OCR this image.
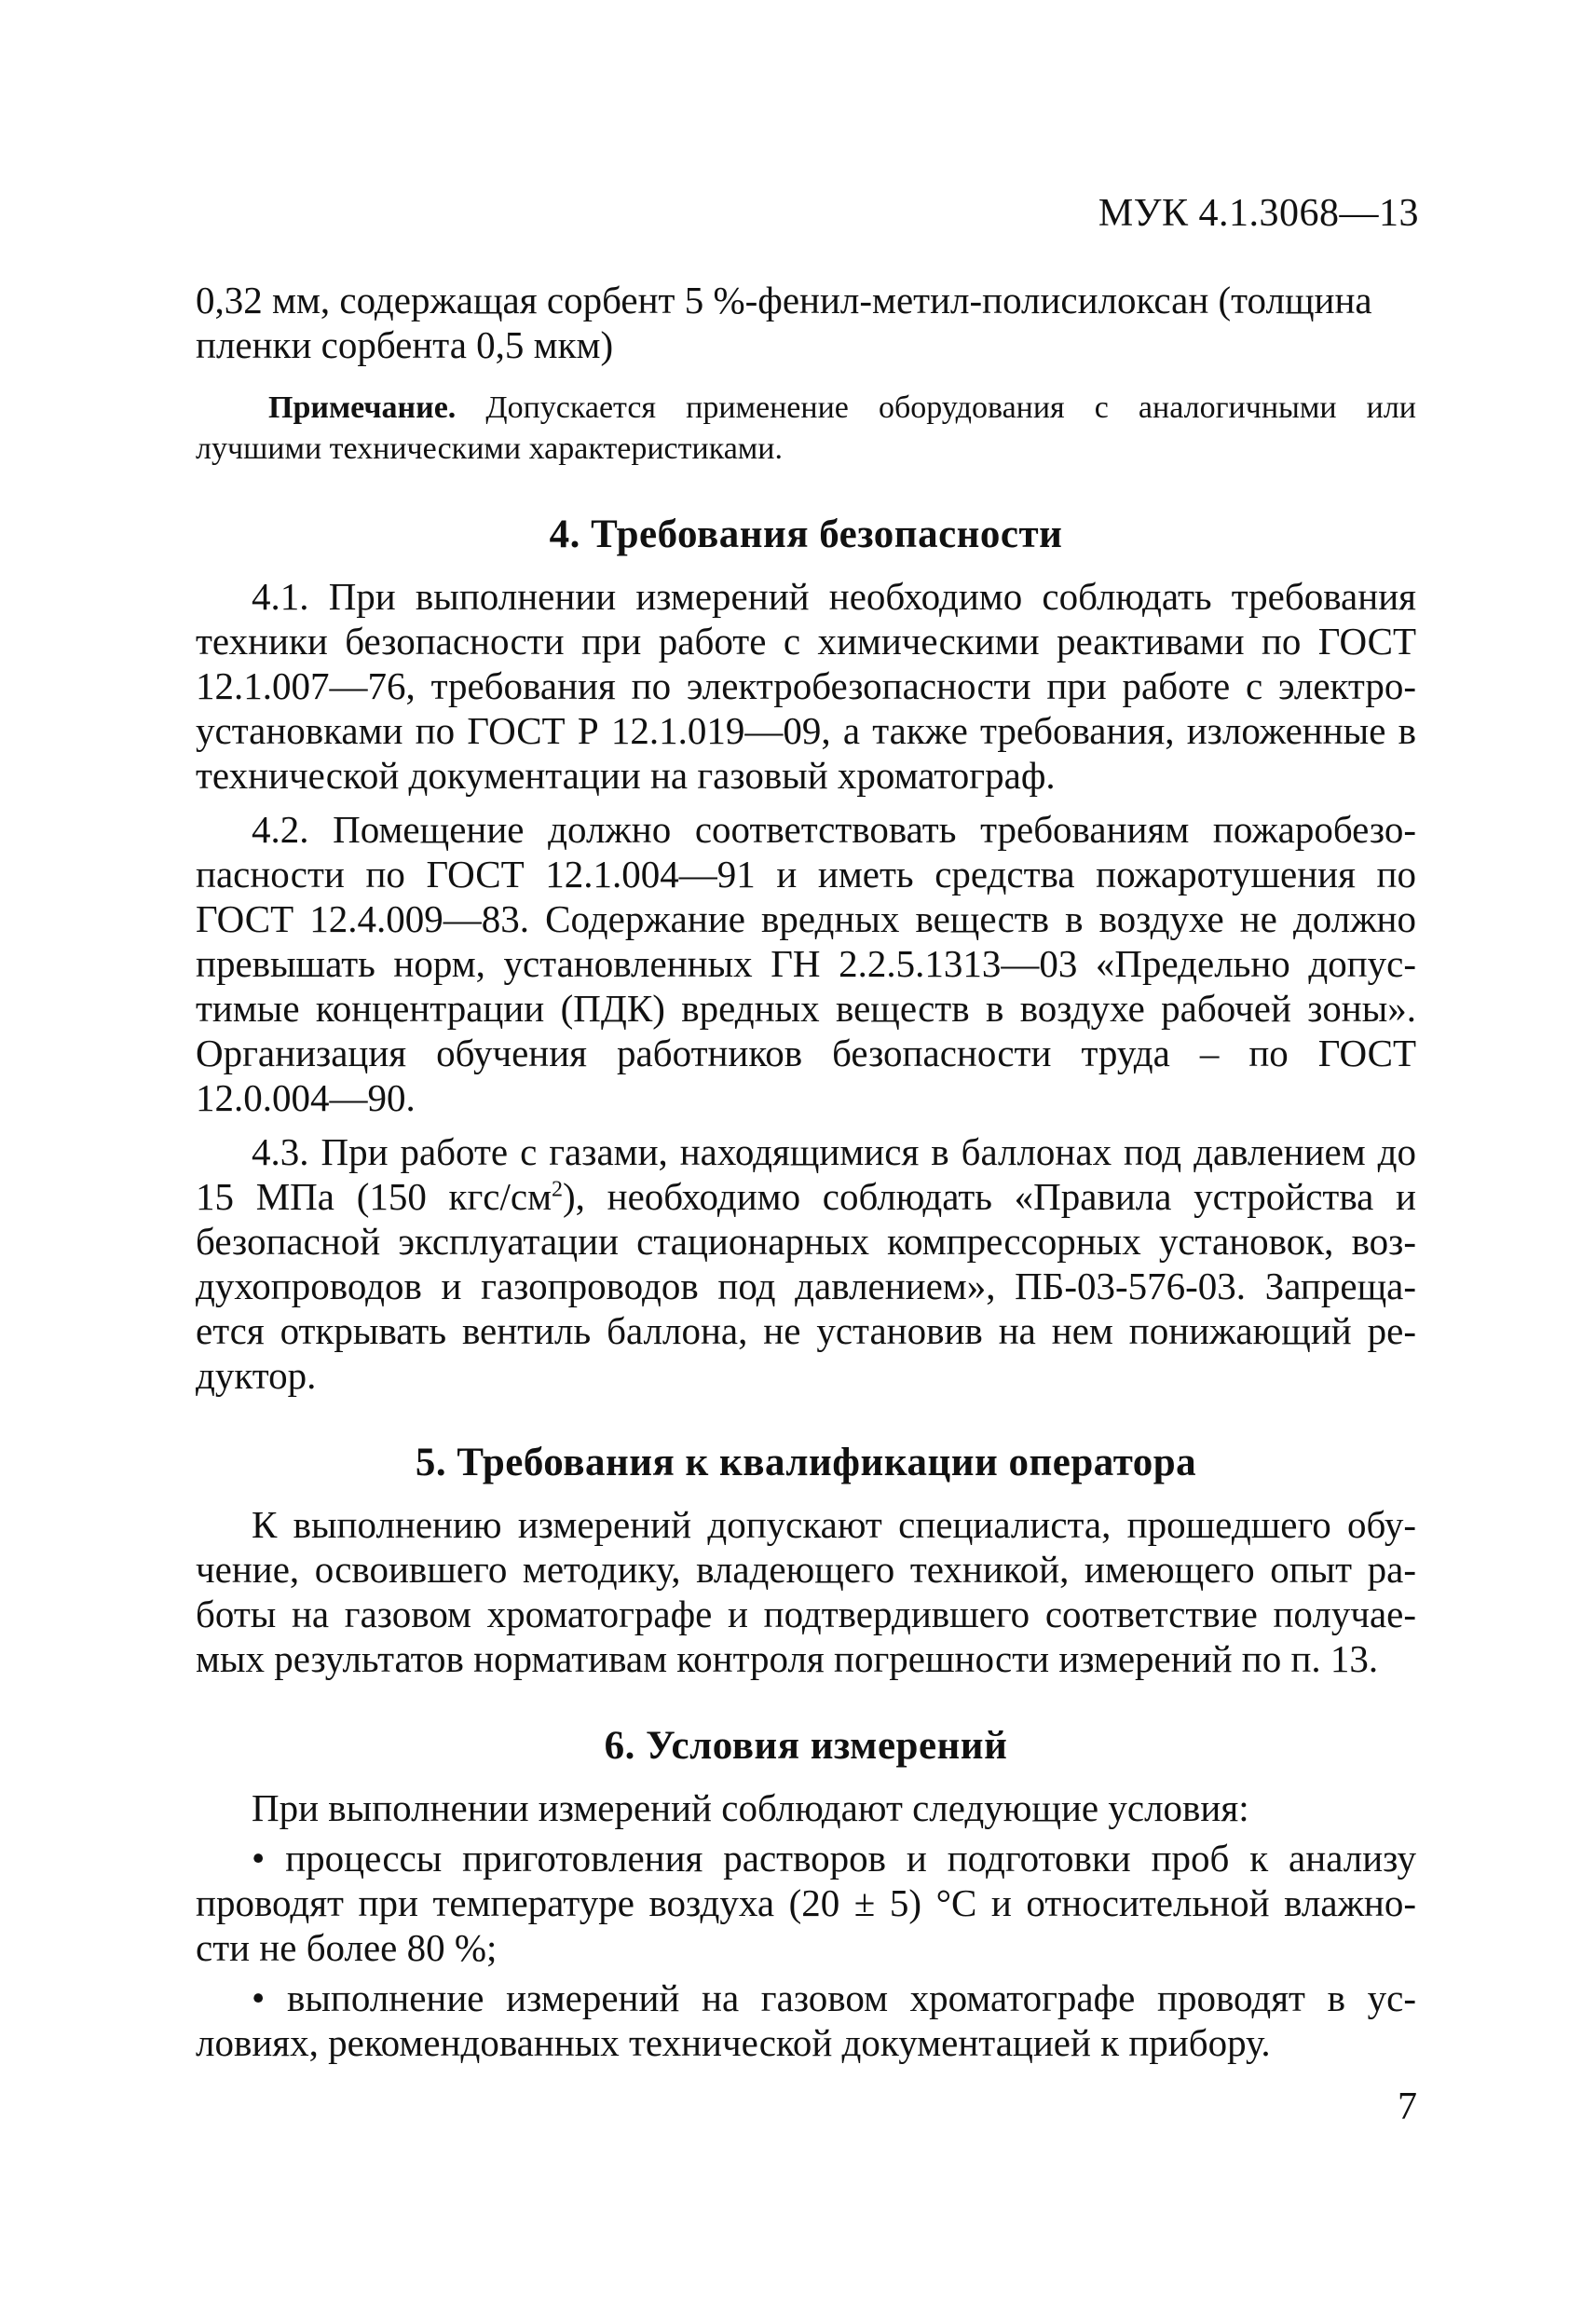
МУК 4.1.3068—13

0,32 мм, содержащая сорбент 5 %-фенил-метил-полисилоксан (толщина пленки сорбента 0,5 мкм)

Примечание. Допускается применение оборудования с аналогичными или лучшими техническими характеристиками.

4. Требования безопасности

4.1. При выполнении измерений необходимо соблюдать требования техники безопасности при работе с химическими реактивами по ГОСТ 12.1.007—76, требования по электробезопасности при работе с электро-установками по ГОСТ Р 12.1.019—09, а также требования, изложенные в технической документации на газовый хроматограф.

4.2. Помещение должно соответствовать требованиям пожаробезо-пасности по ГОСТ 12.1.004—91 и иметь средства пожаротушения по ГОСТ 12.4.009—83. Содержание вредных веществ в воздухе не должно превышать норм, установленных ГН 2.2.5.1313—03 «Предельно допус-тимые концентрации (ПДК) вредных веществ в воздухе рабочей зоны». Организация обучения работников безопасности труда – по ГОСТ 12.0.004—90.

4.3. При работе с газами, находящимися в баллонах под давлением до 15 МПа (150 кгс/$см^2$), необходимо соблюдать «Правила устройства и безопасной эксплуатации стационарных компрессорных установок, воз-духопроводов и газопроводов под давлением», ПБ-03-576-03. Запреща-ется открывать вентиль баллона, не установив на нем понижающий ре-дуктор.

5. Требования к квалификации оператора

К выполнению измерений допускают специалиста, прошедшего обу-чение, освоившего методику, владеющего техникой, имеющего опыт ра-боты на газовом хроматографе и подтвердившего соответствие получае-мых результатов нормативам контроля погрешности измерений по п. 13.

6. Условия измерений

При выполнении измерений соблюдают следующие условия:

• процессы приготовления растворов и подготовки проб к анализу проводят при температуре воздуха (20 ± 5) °С и относительной влажно-сти не более 80 %;

• выполнение измерений на газовом хроматографе проводят в ус-ловиях, рекомендованных технической документацией к прибору.

7
